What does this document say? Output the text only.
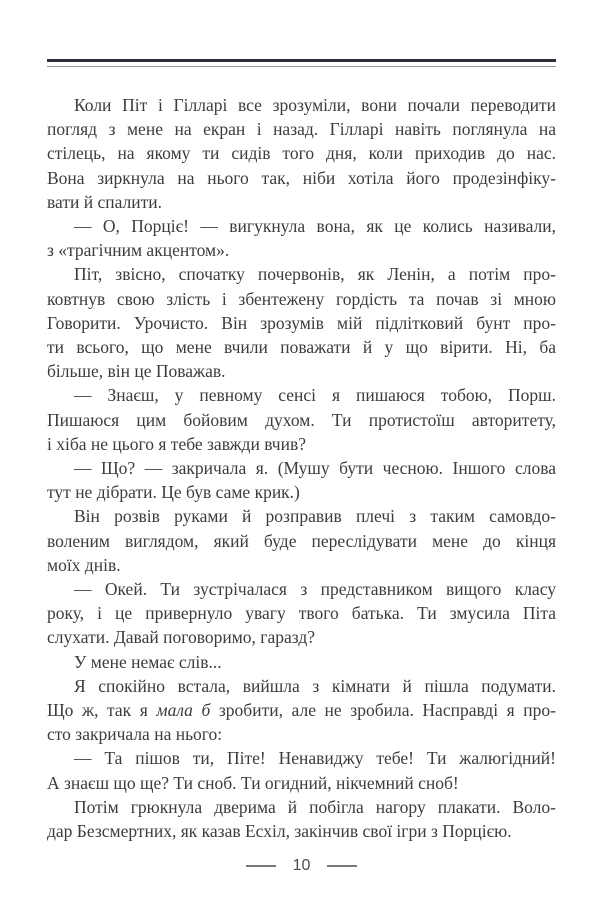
Коли Піт і Гілларі все зрозуміли, вони почали переводити
погляд з мене на екран і назад. Гілларі навіть поглянула на
стілець, на якому ти сидів того дня, коли приходив до нас.
Вона зиркнула на нього так, ніби хотіла його продезінфіку-
вати й спалити.
— О, Порціє! — вигукнула вона, як це колись називали,
з «трагічним акцентом».
Піт, звісно, спочатку почервонів, як Ленін, а потім про-
ковтнув свою злість і збентежену гордість та почав зі мною
Говорити. Урочисто. Він зрозумів мій підлітковий бунт про-
ти всього, що мене вчили поважати й у що вірити. Ні, ба
більше, він це Поважав.
— Знаєш, у певному сенсі я пишаюся тобою, Порш.
Пишаюся цим бойовим духом. Ти протистоїш авторитету,
і хіба не цього я тебе завжди вчив?
— Що? — закричала я. (Мушу бути чесною. Іншого слова
тут не дібрати. Це був саме крик.)
Він розвів руками й розправив плечі з таким самовдо-
воленим виглядом, який буде переслідувати мене до кінця
моїх днів.
— Окей. Ти зустрічалася з представником вищого класу
року, і це привернуло увагу твого батька. Ти змусила Піта
слухати. Давай поговоримо, гаразд?
У мене немає слів...
Я спокійно встала, вийшла з кімнати й пішла подумати.
Що ж, так я мала б зробити, але не зробила. Насправді я про-
сто закричала на нього:
— Та пішов ти, Піте! Ненавиджу тебе! Ти жалюгідний!
А знаєш що ще? Ти сноб. Ти огидний, нікчемний сноб!
Потім грюкнула дверима й побігла нагору плакати. Воло-
дар Безсмертних, як казав Есхіл, закінчив свої ігри з Порцією.
10
